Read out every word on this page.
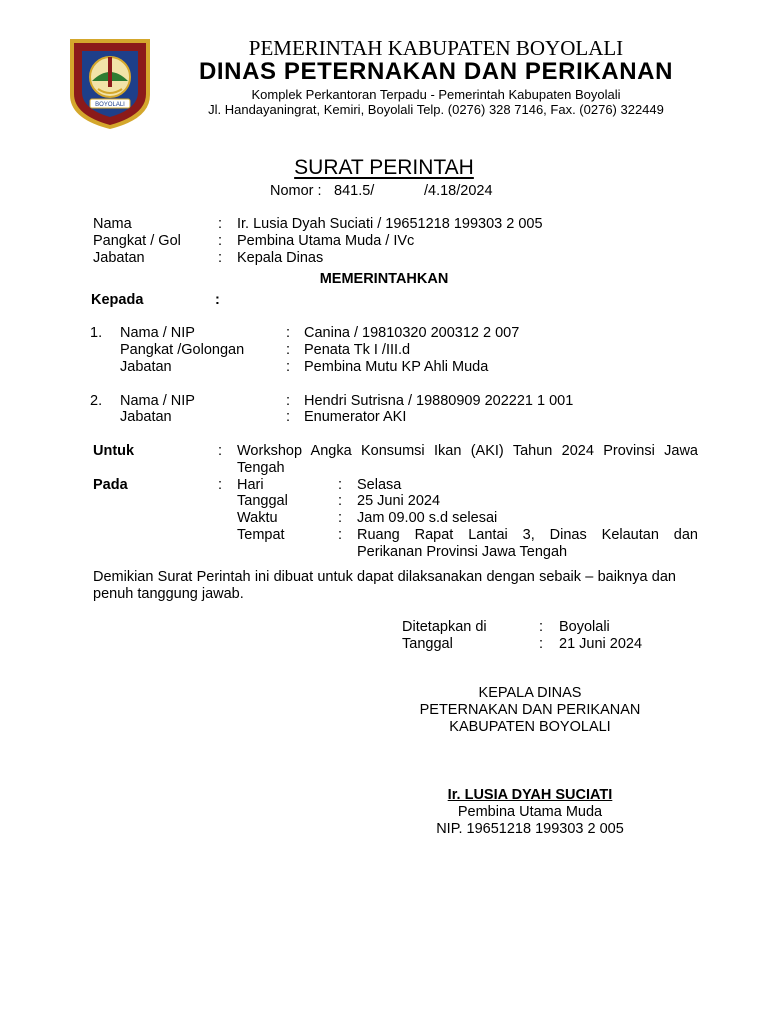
BOYOLALI
PEMERINTAH KABUPATEN BOYOLALI
DINAS PETERNAKAN DAN PERIKANAN
Komplek Perkantoran Terpadu - Pemerintah Kabupaten Boyolali
Jl. Handayaningrat, Kemiri, Boyolali Telp. (0276) 328 7146, Fax. (0276) 322449
SURAT PERINTAH
Nomor : 841.5/	/4.18/2024
Nama	: Ir. Lusia Dyah Suciati / 19651218 199303 2 005
Pangkat / Gol	: Pembina Utama Muda / IVc
Jabatan	: Kepala Dinas
MEMERINTAHKAN
Kepada	:
1. Nama / NIP	: Canina / 19810320 200312 2 007
Pangkat /Golongan	: Penata Tk I /III.d
Jabatan	: Pembina Mutu KP Ahli Muda
2. Nama / NIP	: Hendri Sutrisna / 19880909 202221 1 001
Jabatan	: Enumerator AKI
Untuk	: Workshop Angka Konsumsi Ikan (AKI) Tahun 2024 Provinsi Jawa Tengah
Pada	: Hari	: Selasa
Tanggal	: 25 Juni 2024
Waktu	: Jam 09.00 s.d selesai
Tempat	: Ruang Rapat Lantai 3, Dinas Kelautan dan Perikanan Provinsi Jawa Tengah
Demikian Surat Perintah ini dibuat untuk dapat dilaksanakan dengan sebaik – baiknya dan penuh tanggung jawab.
Ditetapkan di	: Boyolali
Tanggal	: 21 Juni 2024
KEPALA DINAS
PETERNAKAN DAN PERIKANAN
KABUPATEN BOYOLALI
Ir. LUSIA DYAH SUCIATI
Pembina Utama Muda
NIP. 19651218 199303 2 005
